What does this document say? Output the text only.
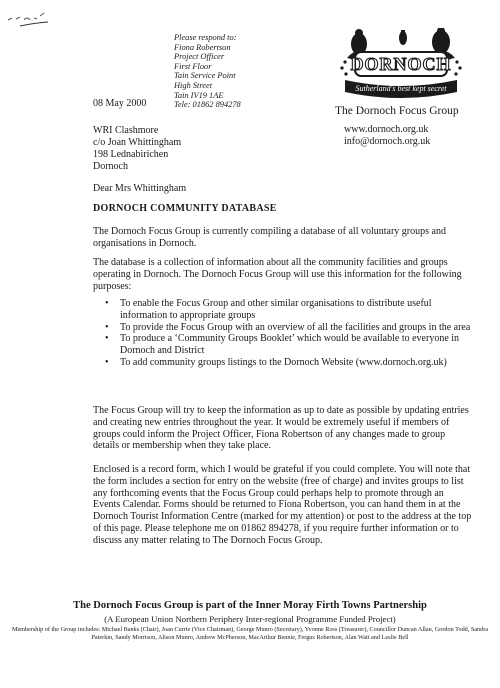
Please respond to:
Fiona Robertson
Project Officer
First Floor
Tain Service Point
High Street
Tain IV19 1AE
Tele: 01862 894278
DORNOCH
Sutherland's best kept secret
The Dornoch Focus Group
www.dornoch.org.uk
info@dornoch.org.uk
08 May 2000
WRI Clashmore
c/o Joan Whittingham
198 Lednabirichen
Dornoch
Dear Mrs Whittingham
DORNOCH COMMUNITY DATABASE
The Dornoch Focus Group is currently compiling a database of all voluntary groups and organisations in Dornoch.
The database is a collection of information about all the community facilities and groups operating in Dornoch. The Dornoch Focus Group will use this information for the following purposes:
• To enable the Focus Group and other similar organisations to distribute useful information to appropriate groups
• To provide the Focus Group with an overview of all the facilities and groups in the area
• To produce a ‘Community Groups Booklet’ which would be available to everyone in Dornoch and District
• To add community groups listings to the Dornoch Website (www.dornoch.org.uk)
The Focus Group will try to keep the information as up to date as possible by updating entries and creating new entries throughout the year. It would be extremely useful if members of groups could inform the Project Officer, Fiona Robertson of any changes made to group details or membership when they take place.
Enclosed is a record form, which I would be grateful if you could complete. You will note that the form includes a section for entry on the website (free of charge) and invites groups to list any forthcoming events that the Focus Group could perhaps help to promote through an Events Calendar. Forms should be returned to Fiona Robertson, you can hand them in at the Dornoch Tourist Information Centre (marked for my attention) or post to the address at the top of this page. Please telephone me on 01862 894278, if you require further information or to discuss any matter relating to The Dornoch Focus Group.
The Dornoch Focus Group is part of the Inner Moray Firth Towns Partnership
(A European Union Northern Periphery Inter-regional Programme Funded Project)
Membership of the Group includes: Michael Banks (Chair), Joan Currie (Vice Chairman), George Munro (Secretary), Yvonne Ross (Treasurer), Councillor Duncan Allan, Gordon Todd, Sandra Paterkin, Sandy Morrison, Alison Munro, Andrew McPherson, MacArthur Bennie, Fergus Robertson, Alan Watt and Leslie Bell
